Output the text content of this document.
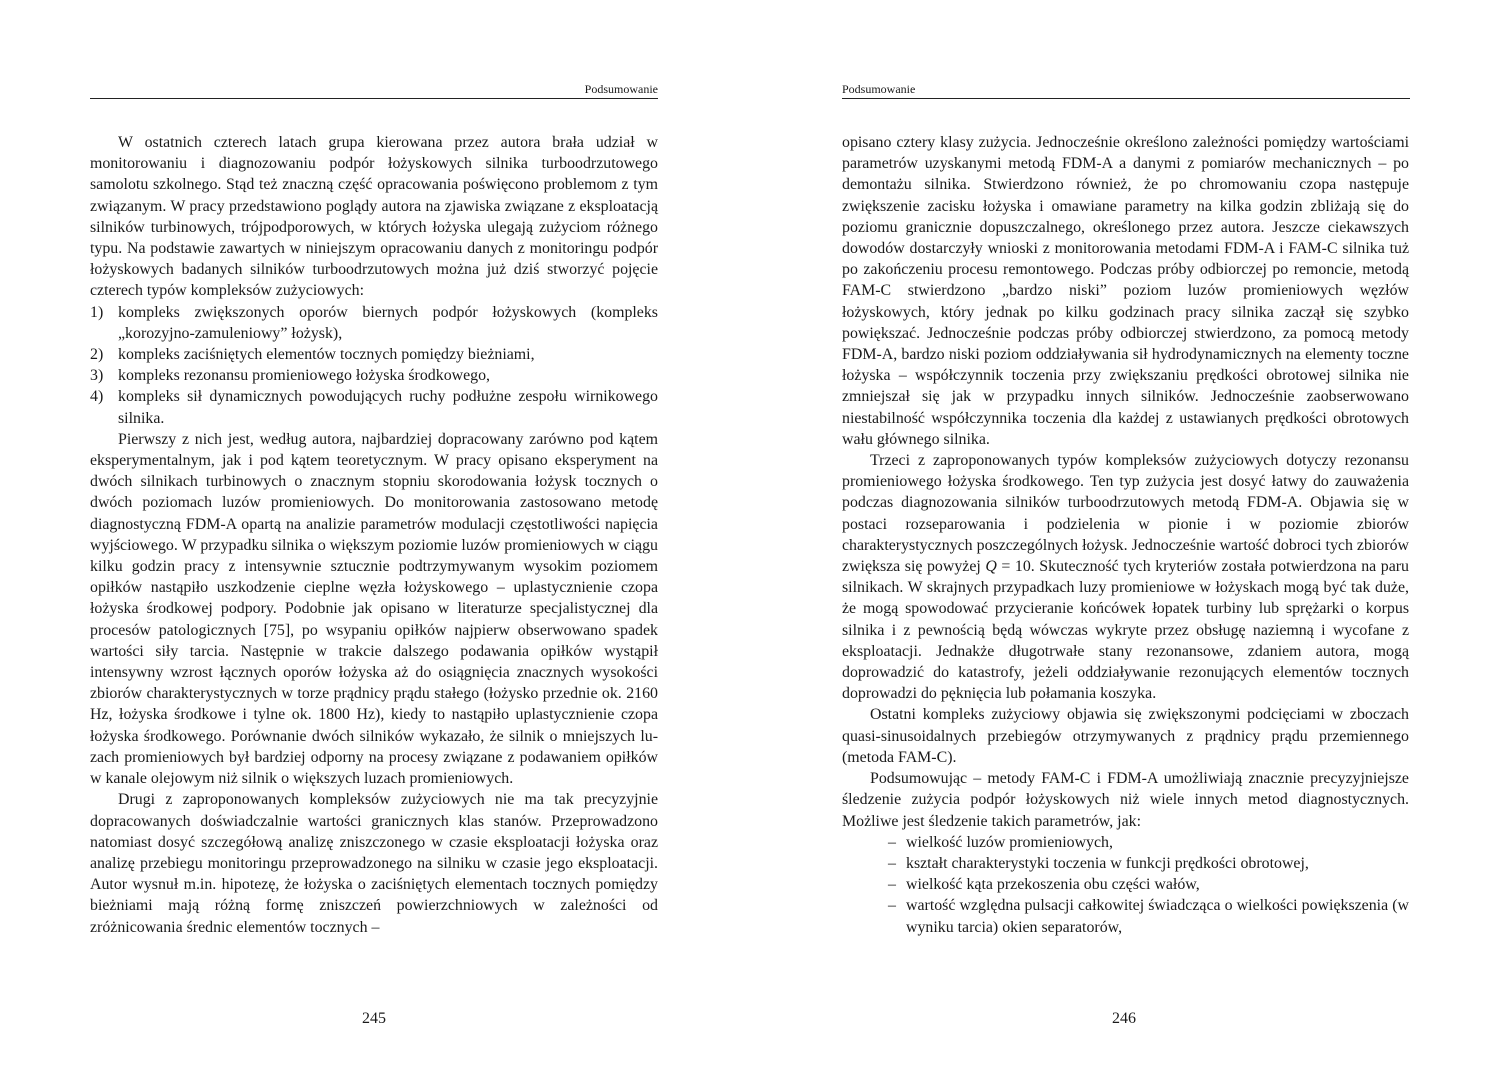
Podsumowanie

W ostatnich czterech latach grupa kierowana przez autora brała udział w monitorowaniu i diagnozowaniu podpór łożyskowych silnika turboodrzutowego samolotu szkolnego. Stąd też znaczną część opracowania poświęcono problemom z tym związanym. W pracy przedstawiono poglądy autora na zjawiska związane z eksploatacją silników turbinowych, trójpodporowych, w których łożyska ulegają zużyciom różnego typu. Na podstawie zawartych w niniejszym opracowaniu danych z monitoringu podpór łożyskowych badanych silników turboodrzutowych można już dziś stworzyć pojęcie czterech typów kompleksów zużyciowych:

1) kompleks zwiększonych oporów biernych podpór łożyskowych (kompleks „korozyjno-zamuleniowy” łożysk),
2) kompleks zaciśniętych elementów tocznych pomiędzy bieżniami,
3) kompleks rezonansu promieniowego łożyska środkowego,
4) kompleks sił dynamicznych powodujących ruchy podłużne zespołu wirnikowego silnika.

Pierwszy z nich jest, według autora, najbardziej dopracowany zarówno pod kątem eksperymentalnym, jak i pod kątem teoretycznym. W pracy opisano eksperyment na dwóch silnikach turbinowych o znacznym stopniu skorodowania łożysk tocznych o dwóch poziomach luzów promieniowych. Do monitorowania zastosowano metodę diagnostyczną FDM-A opartą na analizie parametrów modulacji częstotliwości napięcia wyjściowego. W przypadku silnika o większym poziomie luzów promieniowych w ciągu kilku godzin pracy z intensywnie sztucznie podtrzymywanym wysokim poziomem opiłków nastąpiło uszkodzenie cieplne węzła łożyskowego – uplastycznienie czopa łożyska środkowej podpory. Podobnie jak opisano w literaturze specjalistycznej dla procesów patologicznych [75], po wsypaniu opiłków najpierw obserwowano spadek wartości siły tarcia. Następnie w trakcie dalszego podawania opiłków wystąpił intensywny wzrost łącznych oporów łożyska aż do osiągnięcia znacznych wysokości zbiorów charakterystycznych w torze prądnicy prądu stałego (łożysko przednie ok. 2160 Hz, łożyska środkowe i tylne ok. 1800 Hz), kiedy to nastąpiło uplastycznienie czopa łożyska środkowego. Porównanie dwóch silników wykazało, że silnik o mniejszych luzach promieniowych był bardziej odporny na procesy związane z podawaniem opiłków w kanale olejowym niż silnik o większych luzach promieniowych.

Drugi z zaproponowanych kompleksów zużyciowych nie ma tak precyzyjnie dopracowanych doświadczalnie wartości granicznych klas stanów. Przeprowadzono natomiast dosyć szczegółową analizę zniszczonego w czasie eksploatacji łożyska oraz analizę przebiegu monitoringu przeprowadzonego na silniku w czasie jego eksploatacji. Autor wysnuł m.in. hipotezę, że łożyska o zaciśniętych elementach tocznych pomiędzy bieżniami mają różną formę zniszczeń powierzchniowych w zależności od zróżnicowania średnic elementów tocznych –

245
Podsumowanie

opisano cztery klasy zużycia. Jednocześnie określono zależności pomiędzy wartościami parametrów uzyskanymi metodą FDM-A a danymi z pomiarów mechanicznych – po demontażu silnika. Stwierdzono również, że po chromowaniu czopa następuje zwiększenie zacisku łożyska i omawiane parametry na kilka godzin zbliżają się do poziomu granicznie dopuszczalnego, określonego przez autora. Jeszcze ciekawszych dowodów dostarczyły wnioski z monitorowania metodami FDM-A i FAM-C silnika tuż po zakończeniu procesu remontowego. Podczas próby odbiorczej po remoncie, metodą FAM-C stwierdzono „bardzo niski” poziom luzów promieniowych węzłów łożyskowych, który jednak po kilku godzinach pracy silnika zaczął się szybko powiększać. Jednocześnie podczas próby odbiorczej stwierdzono, za pomocą metody FDM-A, bardzo niski poziom oddziaływania sił hydrodynamicznych na elementy toczne łożyska – współczynnik toczenia przy zwiększaniu prędkości obrotowej silnika nie zmniejszał się jak w przypadku innych silników. Jednocześnie zaobserwowano niestabilność współczynnika toczenia dla każdej z ustawianych prędkości obrotowych wału głównego silnika.

Trzeci z zaproponowanych typów kompleksów zużyciowych dotyczy rezonansu promieniowego łożyska środkowego. Ten typ zużycia jest dosyć łatwy do zauważenia podczas diagnozowania silników turboodrzutowych metodą FDM-A. Objawia się w postaci rozseparowania i podzielenia w pionie i w poziomie zbiorów charakterystycznych poszczególnych łożysk. Jednocześnie wartość dobroci tych zbiorów zwiększa się powyżej Q = 10. Skuteczność tych kryteriów została potwierdzona na paru silnikach. W skrajnych przypadkach luzy promieniowe w łożyskach mogą być tak duże, że mogą spowodować przycieranie końcówek łopatek turbiny lub sprężarki o korpus silnika i z pewnością będą wówczas wykryte przez obsługę naziemną i wycofane z eksploatacji. Jednakże długotrwałe stany rezonansowe, zdaniem autora, mogą doprowadzić do katastrofy, jeżeli oddziaływanie rezonujących elementów tocznych doprowadzi do pęknięcia lub połamania koszyka.

Ostatni kompleks zużyciowy objawia się zwiększonymi podcięciami w zboczach quasi-sinusoidalnych przebiegów otrzymywanych z prądnicy prądu przemiennego (metoda FAM-C).

Podsumowując – metody FAM-C i FDM-A umożliwiają znacznie precyzyjniejsze śledzenie zużycia podpór łożyskowych niż wiele innych metod diagnostycznych. Możliwe jest śledzenie takich parametrów, jak:

– wielkość luzów promieniowych,
– kształt charakterystyki toczenia w funkcji prędkości obrotowej,
– wielkość kąta przekoszenia obu części wałów,
– wartość względna pulsacji całkowitej świadcząca o wielkości powiększenia (w wyniku tarcia) okien separatorów,
246
